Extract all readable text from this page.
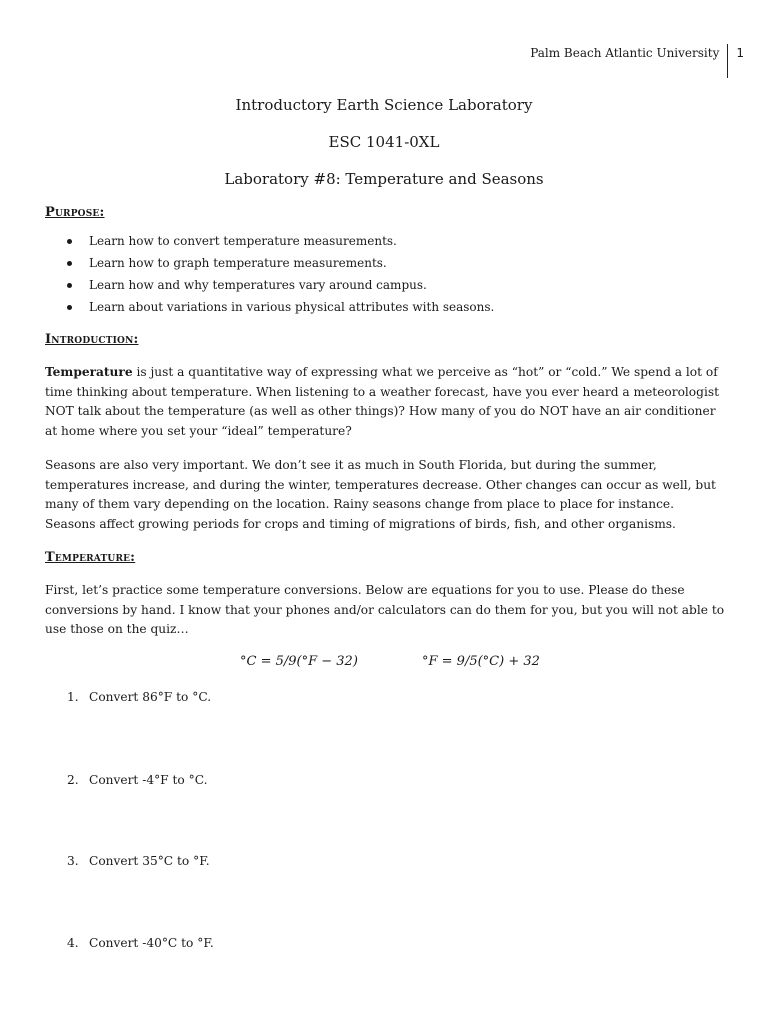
Palm Beach Atlantic University	1
Introductory Earth Science Laboratory
ESC 1041-0XL
Laboratory #8: Temperature and Seasons
Purpose:
Learn how to convert temperature measurements.
Learn how to graph temperature measurements.
Learn how and why temperatures vary around campus.
Learn about variations in various physical attributes with seasons.
Introduction:

Temperature is just a quantitative way of expressing what we perceive as “hot” or “cold.” We spend a lot of time thinking about temperature. When listening to a weather forecast, have you ever heard a meteorologist NOT talk about the temperature (as well as other things)? How many of you do NOT have an air conditioner at home where you set your “ideal” temperature?

Seasons are also very important. We don’t see it as much in South Florida, but during the summer, temperatures increase, and during the winter, temperatures decrease. Other changes can occur as well, but many of them vary depending on the location. Rainy seasons change from place to place for instance. Seasons affect growing periods for crops and timing of migrations of birds, fish, and other organisms.

Temperature:

First, let’s practice some temperature conversions. Below are equations for you to use. Please do these conversions by hand. I know that your phones and/or calculators can do them for you, but you will not able to use those on the quiz…

°C = 5/9(°F − 32)	°F = 9/5(°C) + 32
1. Convert 86°F to °C.
2. Convert -4°F to °C.
3. Convert 35°C to °F.
4. Convert -40°C to °F.
